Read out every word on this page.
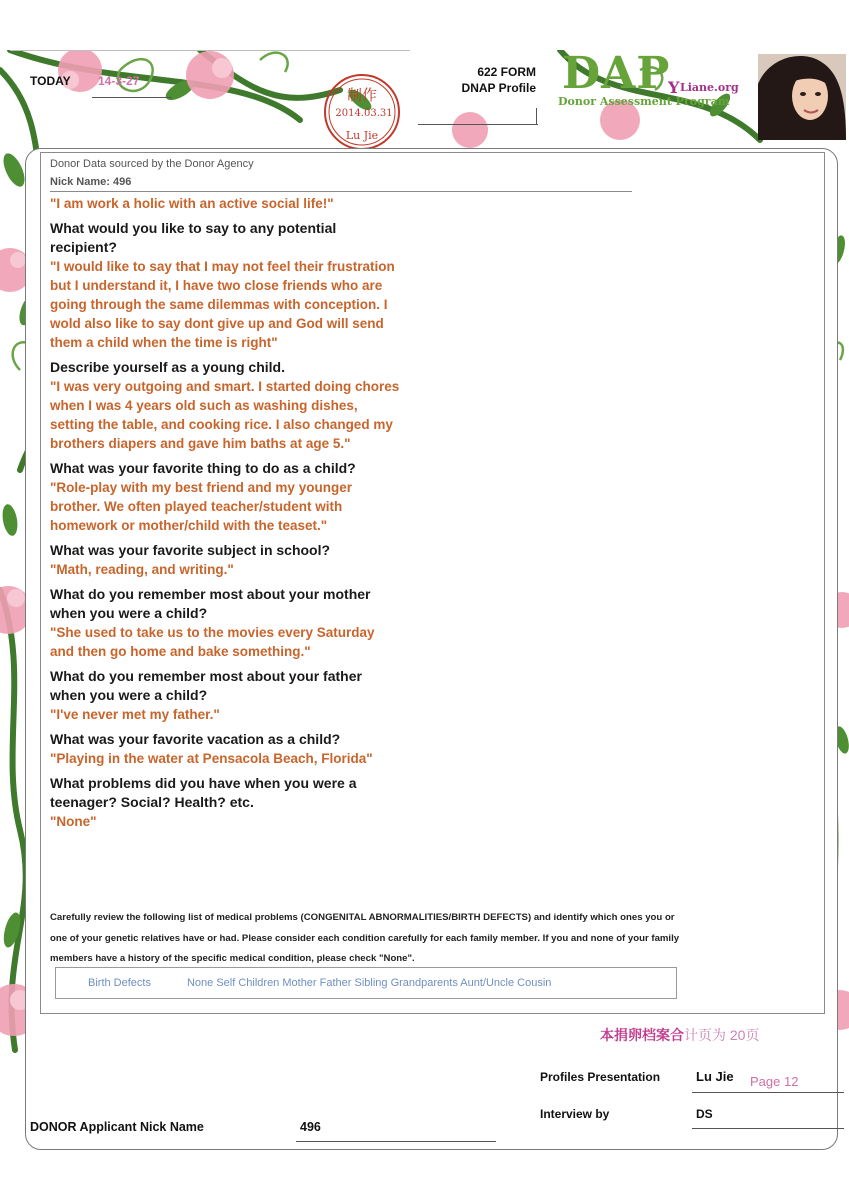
TODAY 14-3-27
制作
Lu Jie
2014.03.31
622 FORM
DNAP Profile DAP
Y Liane.org
Donor Assessment Program
Donor Data sourced by the Donor Agency
Nick Name: 496
"I am work a holic with an active social life!"
What would you like to say to any potential recipient?
"I would like to say that I may not feel their frustration but I understand it, I have two close friends who are going through the same dilemmas with conception. I wold also like to say dont give up and God will send them a child when the time is right"
Describe yourself as a young child.
"I was very outgoing and smart. I started doing chores when I was 4 years old such as washing dishes, setting the table, and cooking rice. I also changed my brothers diapers and gave him baths at age 5."
What was your favorite thing to do as a child?
"Role-play with my best friend and my younger brother. We often played teacher/student with homework or mother/child with the teaset."
What was your favorite subject in school?
"Math, reading, and writing."
What do you remember most about your mother when you were a child?
"She used to take us to the movies every Saturday and then go home and bake something."
What do you remember most about your father when you were a child?
"I've never met my father."
What was your favorite vacation as a child?
"Playing in the water at Pensacola Beach, Florida"
What problems did you have when you were a teenager? Social? Health? etc.
"None"
Carefully review the following list of medical problems (CONGENITAL ABNORMALITIES/BIRTH DEFECTS) and identify which ones you or one of your genetic relatives have or had. Please consider each condition carefully for each family member. If you and none of your family members have a history of the specific medical condition, please check "None".
Birth Defects	None Self Children Mother Father Sibling Grandparents Aunt/Uncle Cousin
本捐卵档案合计页为 20页
Profiles Presentation	Lu Jie Page 12
Interview by	DS
DONOR Applicant Nick Name	496
